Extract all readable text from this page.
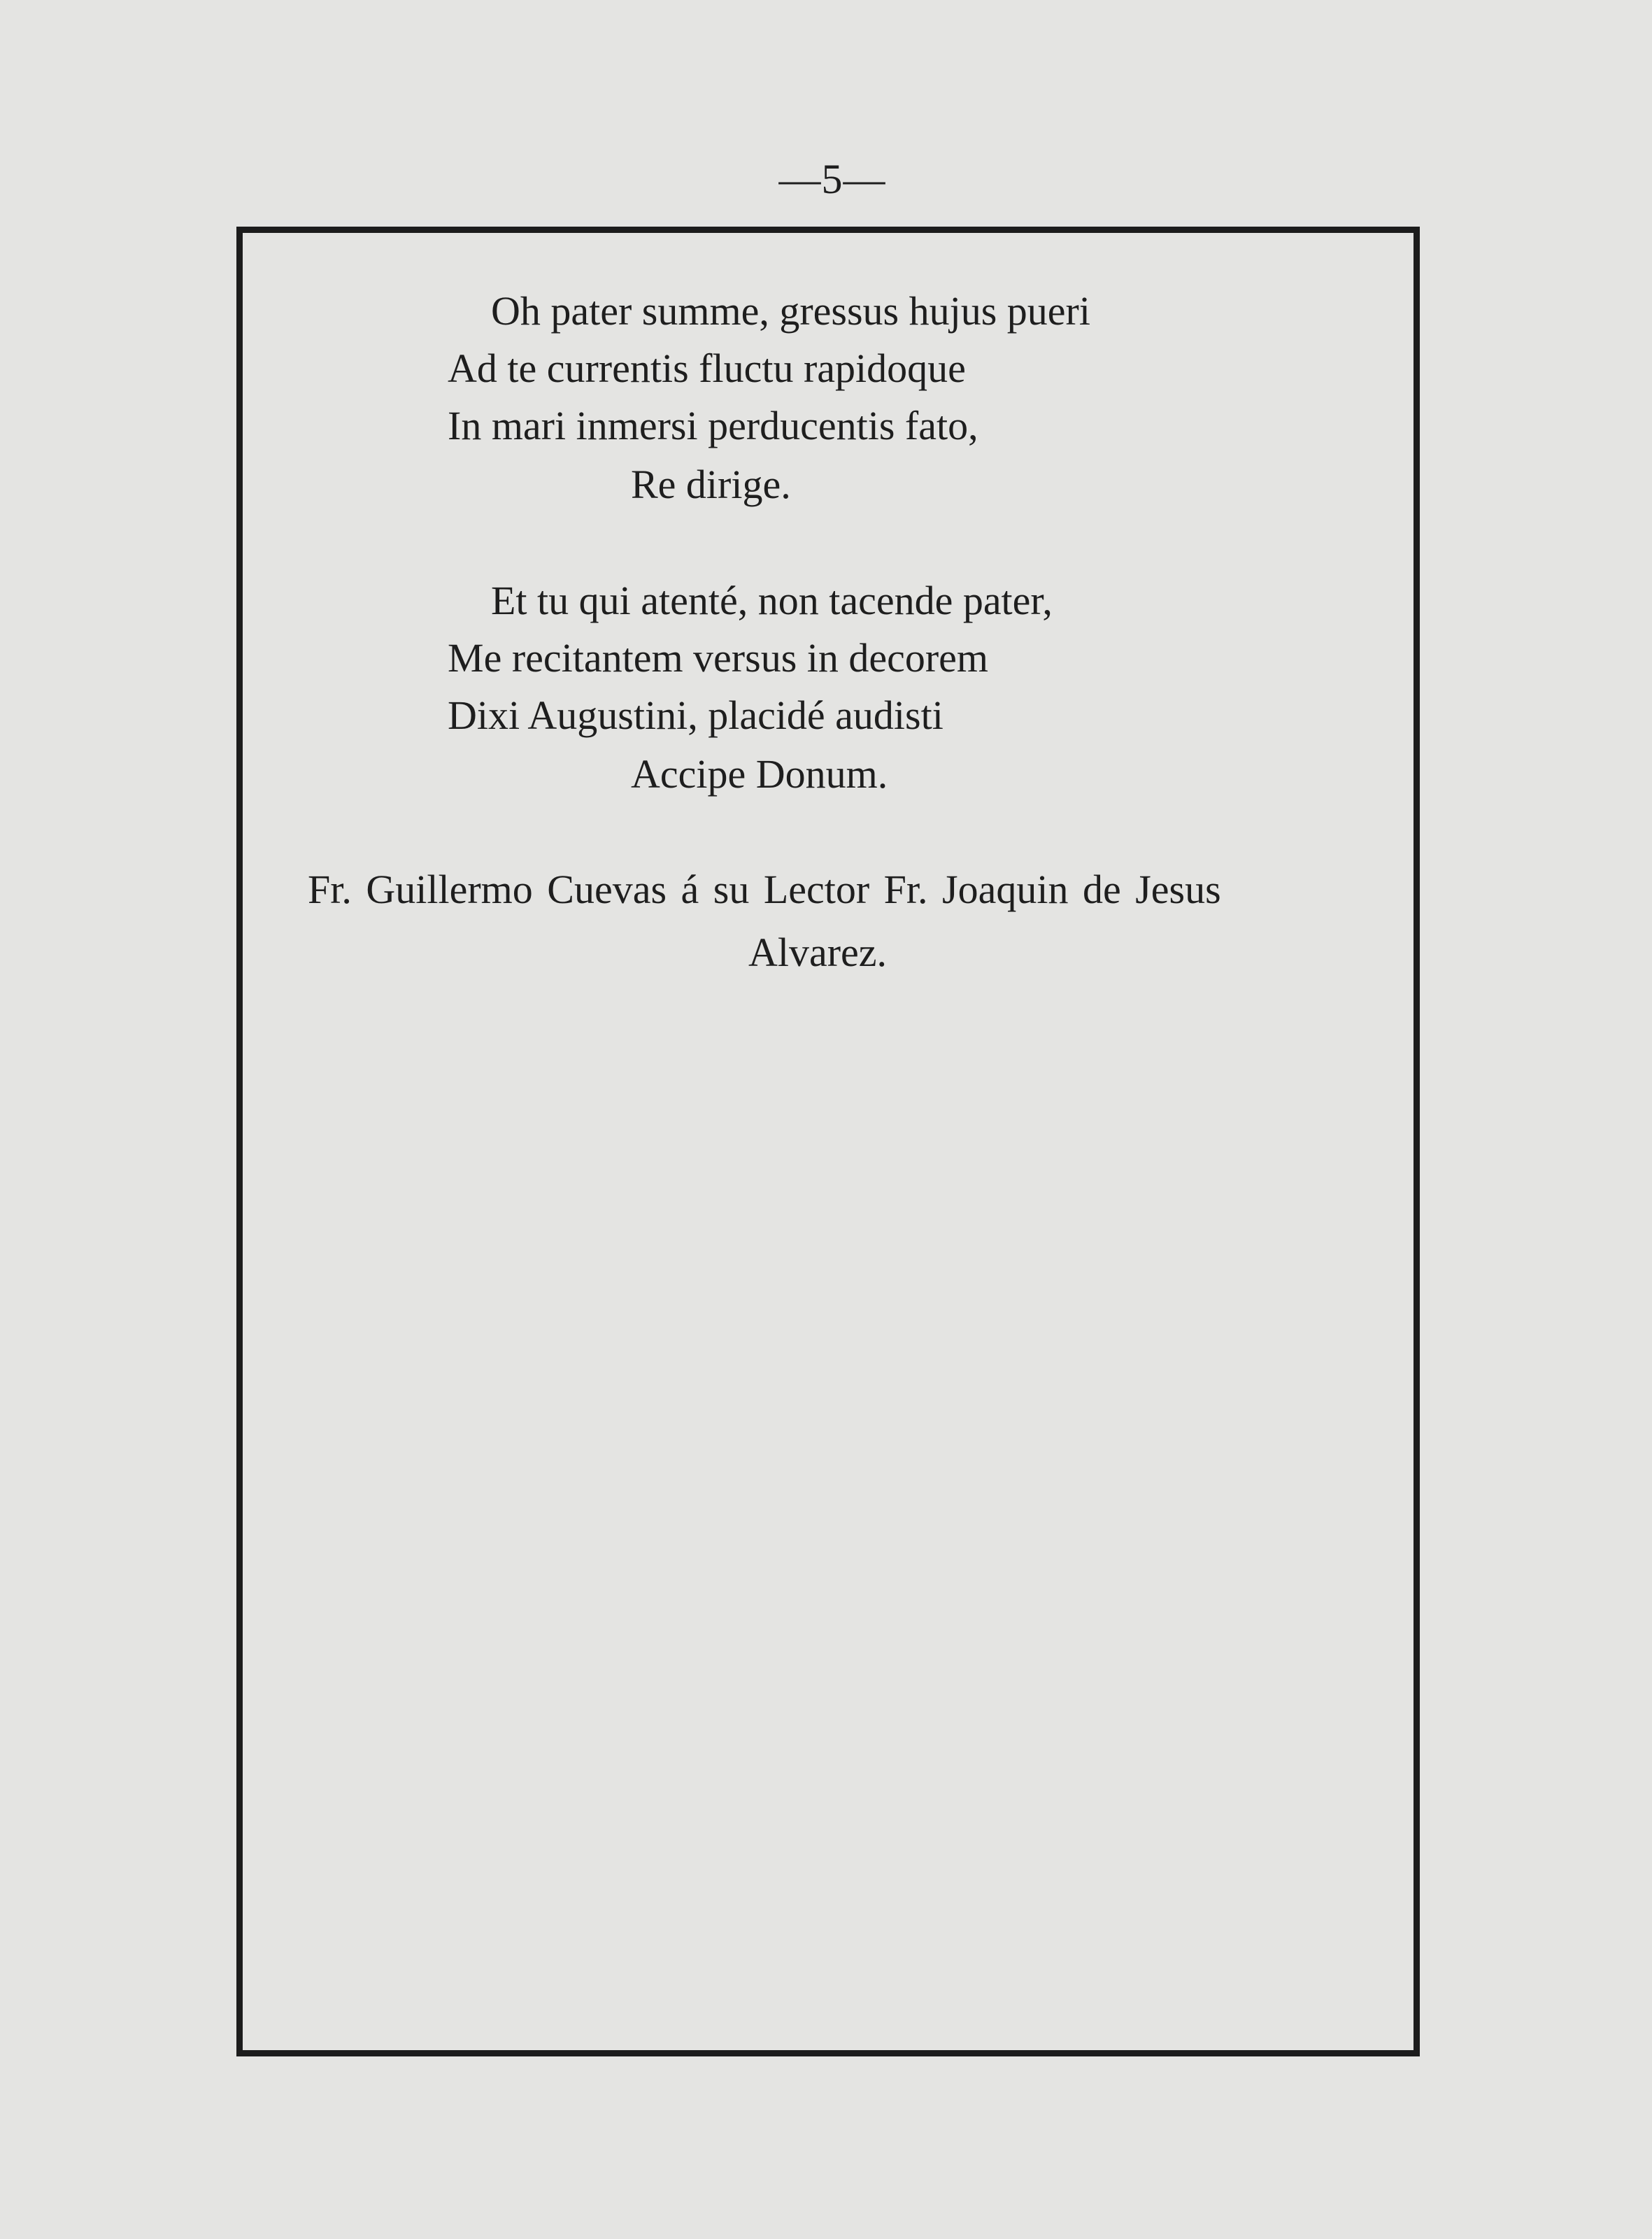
—5—
Oh pater summe, gressus hujus pueri
Ad te currentis fluctu rapidoque
In mari inmersi perducentis fato,
Re dirige.
Et tu qui atenté, non tacende pater,
Me recitantem versus in decorem
Dixi Augustini, placidé audisti
Accipe Donum.
Fr. Guillermo Cuevas á su Lector Fr. Joaquin de Jesus
Alvarez.
